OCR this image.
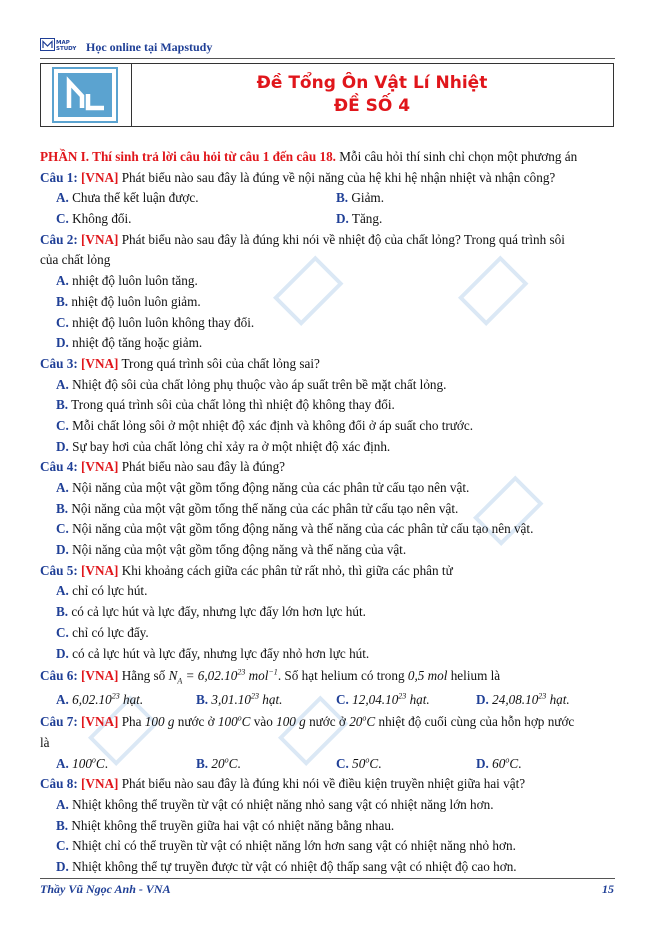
MAP
STUDY Học online tại Mapstudy
Đề Tổng Ôn Vật Lí Nhiệt
ĐỀ SỐ 4
PHẦN I. Thí sinh trả lời câu hỏi từ câu 1 đến câu 18. Mỗi câu hỏi thí sinh chỉ chọn một phương án
Câu 1: [VNA] Phát biểu nào sau đây là đúng về nội năng của hệ khi hệ nhận nhiệt và nhận công?
A. Chưa thể kết luận được.	B. Giảm.
C. Không đổi.	D. Tăng.
Câu 2: [VNA] Phát biểu nào sau đây là đúng khi nói về nhiệt độ của chất lỏng? Trong quá trình sôi
của chất lỏng
A. nhiệt độ luôn luôn tăng.
B. nhiệt độ luôn luôn giảm.
C. nhiệt độ luôn luôn không thay đổi.
D. nhiệt độ tăng hoặc giảm.
Câu 3: [VNA] Trong quá trình sôi của chất lỏng sai?
A. Nhiệt độ sôi của chất lỏng phụ thuộc vào áp suất trên bề mặt chất lỏng.
B. Trong quá trình sôi của chất lỏng thì nhiệt độ không thay đổi.
C. Mỗi chất lỏng sôi ở một nhiệt độ xác định và không đổi ở áp suất cho trước.
D. Sự bay hơi của chất lỏng chỉ xảy ra ở một nhiệt độ xác định.
Câu 4: [VNA] Phát biểu nào sau đây là đúng?
A. Nội năng của một vật gồm tổng động năng của các phân tử cấu tạo nên vật.
B. Nội năng của một vật gồm tổng thế năng của các phân tử cấu tạo nên vật.
C. Nội năng của một vật gồm tổng động năng và thế năng của các phân tử cấu tạo nên vật.
D. Nội năng của một vật gồm tổng động năng và thế năng của vật.
Câu 5: [VNA] Khi khoảng cách giữa các phân tử rất nhỏ, thì giữa các phân tử
A. chỉ có lực hút.
B. có cả lực hút và lực đẩy, nhưng lực đẩy lớn hơn lực hút.
C. chỉ có lực đẩy.
D. có cả lực hút và lực đẩy, nhưng lực đẩy nhỏ hơn lực hút.
Câu 6: [VNA] Hằng số $N_A = 6,02.10^{23}$ mol$^{-1}$. Số hạt helium có trong 0,5 mol helium là
A. 6,02.10$^{23}$ hạt.	B. 3,01.10$^{23}$ hạt.	C. 12,04.10$^{23}$ hạt.	D. 24,08.10$^{23}$ hạt.
Câu 7: [VNA] Pha 100 g nước ở 100$^o$C vào 100 g nước ở 20$^o$C nhiệt độ cuối cùng của hỗn hợp nước
là
A. 100$^o$C.	B. 20$^o$C.	C. 50$^o$C.	D. 60$^o$C.
Câu 8: [VNA] Phát biểu nào sau đây là đúng khi nói về điều kiện truyền nhiệt giữa hai vật?
A. Nhiệt không thể truyền từ vật có nhiệt năng nhỏ sang vật có nhiệt năng lớn hơn.
B. Nhiệt không thể truyền giữa hai vật có nhiệt năng bằng nhau.
C. Nhiệt chỉ có thể truyền từ vật có nhiệt năng lớn hơn sang vật có nhiệt năng nhỏ hơn.
D. Nhiệt không thể tự truyền được từ vật có nhiệt độ thấp sang vật có nhiệt độ cao hơn.
Thầy Vũ Ngọc Anh - VNA	15
